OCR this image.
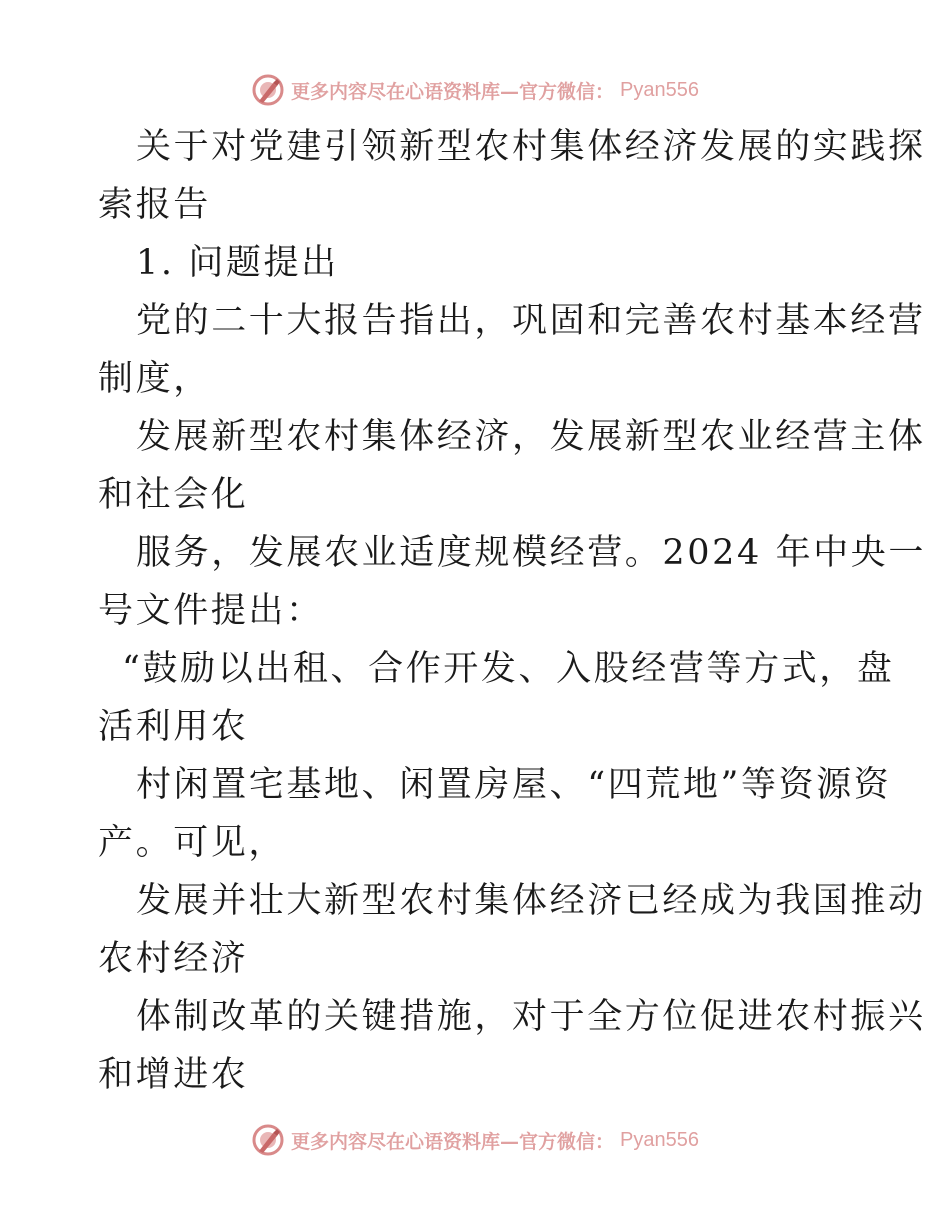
更多内容尽在心语资料库—官方微信： Pyan556
关于对党建引领新型农村集体经济发展的实践探
索报告
1. 问题提出
党的二十大报告指出，巩固和完善农村基本经营
制度，
发展新型农村集体经济，发展新型农业经营主体
和社会化
服务，发展农业适度规模经营。2024 年中央一
号文件提出：
“鼓励以出租、合作开发、入股经营等方式，盘
活利用农
村闲置宅基地、闲置房屋、“四荒地”等资源资
产。可见，
发展并壮大新型农村集体经济已经成为我国推动
农村经济
体制改革的关键措施，对于全方位促进农村振兴
和增进农
更多内容尽在心语资料库—官方微信： Pyan556
